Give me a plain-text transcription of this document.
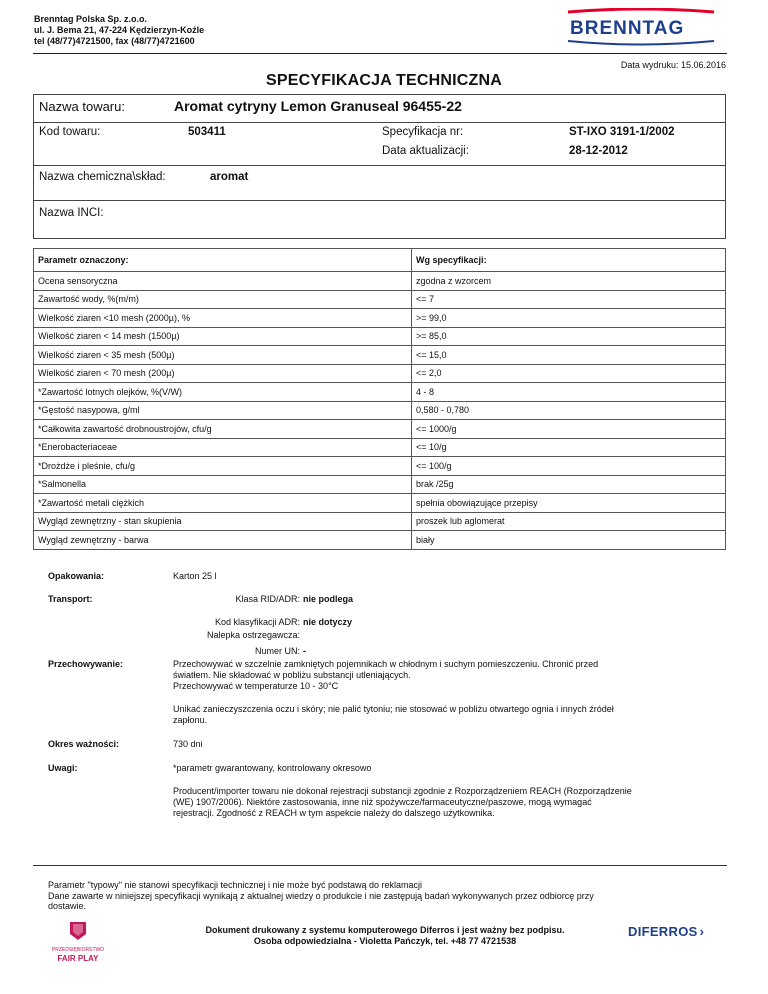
Brenntag Polska Sp. z.o.o.
ul. J. Bema 21, 47-224 Kędzierzyn-Koźle
tel (48/77)4721500, fax (48/77)4721600
BRENNTAG
Data wydruku: 15.06.2016
SPECYFIKACJA TECHNICZNA
Nazwa towaru:	Aromat cytryny Lemon Granuseal 96455-22
Kod towaru:	503411	Specyfikacja nr:	ST-IXO 3191-1/2002
Data aktualizacji:	28-12-2012
Nazwa chemiczna\skład:	aromat
Nazwa INCI:
Parametr oznaczony:	Wg specyfikacji:
Ocena sensoryczna	zgodna z wzorcem
Zawartość wody, %(m/m)	<= 7
Wielkość ziaren <10 mesh (2000µ), %	>= 99,0
Wielkość ziaren < 14 mesh (1500µ)	>= 85,0
Wielkość ziaren < 35 mesh (500µ)	<= 15,0
Wielkość ziaren < 70 mesh (200µ)	<= 2,0
*Zawartość lotnych olejków, %(V/W)	4 - 8
*Gęstość nasypowa, g/ml	0,580 - 0,780
*Całkowita zawartość drobnoustrojów, cfu/g	<= 1000/g
*Enerobacteriaceae	<= 10/g
*Drożdże i pleśnie, cfu/g	<= 100/g
*Salmonella	brak /25g
*Zawartość metali ciężkich	spełnia obowiązujące przepisy
Wygląd zewnętrzny - stan skupienia	proszek lub aglomerat
Wygląd zewnętrzny - barwa	biały
Opakowania:	Karton 25 l
Transport:	Klasa RID/ADR: nie podlega
Kod klasyfikacji ADR: nie dotyczy
Nalepka ostrzegawcza:
Numer UN: -
Przechowywanie:	Przechowywać w szczelnie zamkniętych pojemnikach w chłodnym i suchym pomieszczeniu. Chronić przed
światłem. Nie składować w pobliżu substancji utleniających.
Przechowywać w temperaturze 10 - 30°C
Unikać zanieczyszczenia oczu i skóry; nie palić tytoniu; nie stosować w pobliżu otwartego ognia i innych źródeł
zapłonu.
Okres ważności:	730 dni
Uwagi:	*parametr gwarantowany, kontrolowany okresowo
Producent/importer towaru nie dokonał rejestracji substancji zgodnie z Rozporządzeniem REACH (Rozporządzenie
(WE) 1907/2006). Niektóre zastosowania, inne niż spożywcze/farmaceutyczne/paszowe, mogą wymagać
rejestracji. Zgodność z REACH w tym aspekcie należy do dalszego użytkownika.
Parametr "typowy" nie stanowi specyfikacji technicznej i nie może być podstawą do reklamacji
Dane zawarte w niniejszej specyfikacji wynikają z aktualnej wiedzy o produkcie i nie zastępują badań wykonywanych przez odbiorcę przy
dostawie.
Dokument drukowany z systemu komputerowego Diferros i jest ważny bez podpisu.
Osoba odpowiedzialna - Violetta Pańczyk, tel. +48 77 4721538
PRZEDSIĘBIORSTWO
FAIR PLAY
DIFERROS ›
